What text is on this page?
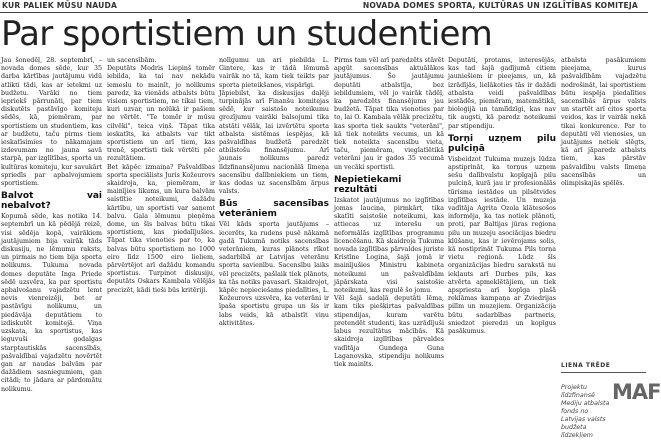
KUR PALIEK MŪSU NAUDA	NOVADA DOMES SPORTA, KULTŪRAS UN IZGLĪTĪBAS KOMITEJA
Par sportistiem un studentiem

Jau šonedēļ, 28. septembrī, – novada domes sēde, kur 35 darba kārtības jautājumu vidū atlikti tādi, kas ar ietekmi uz budžetu. Varāki no tiem iepriekš pārrunāti, par tiem diskutēts pastāvīgo komiteju sēdēs, kā, piemēram, par sportistiem un studentiem, kas ar budžetu, taču pirms tiem ieskatīsimies to nākamajam izdevumam no jauna savā starpā, par izglītības, sporta un kultūras komiteju, kur savukārt spriedīs par apbalvojumiem sportistiem.

Balvot vai nebalvot?

Kopumā sēde, kas notika 14. septembrī un kā pēdējā reizē, visi sēdēja kopā, vairākiem jautājumiem bija vairāk tāds diskusiju, ne lēmumu raksts, un pirmais no tiem bija sporta nolikums. Tukuma novada domes deputāte Inga Priede sēdē uzsvēra, ka par sportistu apbalvošanu vajadzētu lemt nevis vienreizēji, bet ar pastāvīgu nolikumu, un piedāvāja deputātiem to izdiskutēt komitejā. Viņa uzskata, ka sportistus, kas ieguvuši godalgas starptautiskās sacensībās, pašvaldībai vajadzētu novērtēt gan ar naudas balvām par dažādiem sasniegumiem, gan citādi; to jādara ar pārdomātu nolikumu.

un sacensībām.

Deputāts Modris Liepiņš tomēr iebilda, ka tai nav nekādu iemeslu to mainīt, jo nolikums paredz, ka vienāds atbalsts būtu visiem sportistiem, ne tikai tiem, kuri uzvar, un nolūkā ir pašiem ne vērtēt. "Te tomēr ir mūsu cilvēki", teica viņš. Tāpat tika ieskatīts, ka atbalsts var tikt sportistiem un arī tiem, kas trenē, sportisti tiek vērtēti pēc rezultātiem.

Bet kāpēc izmaiņa? Pašvaldības sporta speciālists Juris Kožeurovs skaidroja, ka, piemēram, ir mainījies likums, un kura balvām saistītie noteikumi, dažādu kārtību, un sportisti var saņemt balvu. Gala lēmumu pieņēma dome, un šīs balvas būtu tikai sportistiem, kas piedalījušies. Tāpat tika vienoties par to, ka balvas būtu sportistiem no 1000 eiro līdz 1500 eiro lieliem, pārvērtējot arī dažādu komandu sportistus. Turpinot diskusiju, deputāts Oskars Kambala vēlējās precizēt, kādi tieši būs kritēriji.

nolīgumu un ari piebilda L. Gintere, kas ir tādā lēmumā vairāk no tā, kam tiek teikts par sporta pieteikšanos, vispārīgi.

Jāpiebilst, ka diskusijas daļēji turpinājās arī Finanšu komitejas sēdē, kur saistošo noteikumu grozījumu vairāki balsojumi tika atstāti vēlāk, lai izvērtētu sporta atbalsta sistēmas iespējas, kā pašvaldības budžetā paredzēt atbilstošu finansējumu. Arī jaunais nolikums paredz līdzfinansējumu nacionālā līmeņa sacensību dalībniekiem un tiem, kas dodas uz sacensībām ārpus valsts.

Būs sacensības veterāniem

Vēl kāds sporta jautājums – iecerēts, ka rudens pusē nākamā gadā Tukumā notiks sacensības veterāniem, kuras plānots rīkot sadarbībā ar Latvijas veterānu sporta savienību. Sacensību laiks vēl precizēts, pašlaik tiek plānots, ka tās notiks pavasarī. Skaidrojot, kāpēc nepieciešams piedalīties, L. Kožeurovs uzsvēra, ka veterāni ir īpaša sportistu grupa un šis ir labs veids, kā atbalstīt viņu aktivitātes.

Pirms tam vēl arī paredzēts stāvēt apgūt sacensības aktuālākos jautājumus. Šo jautājumu deputāti atbalstīja, bez iebildumiem, vēl jo vairāk tādēļ, ka paredzēts finansējums jau budžetā. Tāpat tika vienoties par to, lai O. Kambala vēlāk precizētu, kas sporta tiek saukts "veterāni", kā tiek noteikts vecums, un kā tiek noteikta sacensību vieta, taču, piemēram, vieglatlētikā veterāni jau ir gados 35 vecumā un vecāki sportisti.

Nepietiekami rezultāti

Izskatot jautājumus no izglītības jomas lauciņa, pirmkārt, tika skatīti saistošie noteikumi, kas attiecas uz interešu un neformālās izglītības programmu licencēšanu. Kā skaidroja Tukuma novada izglītības pārvaldes juriste Kristīne Logina, šajā jomā ir mainījušies Ministru kabineta noteikumi un pašvaldībām jāpārskata visi saistošie noteikumi, kas regulē šo jomu.

Vēl šajā sadaļā deputāti lēma, kam tiks piešķirtas pašvaldības stipendijas, kuram varētu pretendēt studenti, kas uzrādījuši labus rezultātus mācībās. Kā skaidroja izglītības pārvaldes vadītāja Gundega Guna Laganovska, stipendiju nolikums tiek mainīts.

Deputāti, protams, interesējās, kas tad šajā gadījumā citiem jauniešiem ir pieejams, un, kā izrādījās, lielākoties tās ir dažādi atbalsta veidi pašvaldības iestādēs, piemēram, matemātikā, bioloģijā un tamlīdzīgi, kas nav tik augsti, kā paredz noteikumi par stipendiju.

Torņi uzņem pilu pulciņā

Visbeidzot Tukuma muzejs lūdza apstiprināt, ka torņus uzņem sešu dalībvalstu kopīgajā pilu pulciņā, kurā jau ir profesionālās tūrisma iestādes un pilsētvides izglītības iestāde. Un muzeja vadītāja Agrita Ozola klātesošos informēja, ka tas notiek plānoti, proti, par Baltijas jūras reģiona pilu un muzeju asociācijas biedru kļūšanu, kas ir ievērojams solis, kā nostiprināt Tukuma Pils torņa vietu reģionā. Lūdz šīs organizācijas biedru sarakstā nu iekļauts arī Durbes pils, kas atvērta apmeklētājiem, un tiek apspriesta arī kopīga plašā reklāmas kampaņa ar Zviedrijas pilīm un muzejiem. Organizācija būtu sadarbības partneris, sniedzot pieredzi un kopīgus pasākumus.

atbalsta pasākumiem pieejama, kurus pašvaldībām vajadzētu nodrošināt, lai sportistiem būtu iespēja piedalīties sacensībās ārpus valsts un startēt arī citos sporta veidos, kas ir vairāk nekā tikai konkurence. Par to deputāti vēl vienosies, un jautājums netiek slēgts, kā arī jāparedz atbalsts tiem, kas pārstāv pašvaldību valsts līmeņa sacensībās un olimpiskajās spēlēs.

LIENA TRĒDE
Projektu līdzfinansē Mediju atbalsta fonds no Latvijas valsts budžeta līdzekļiem
MAF
